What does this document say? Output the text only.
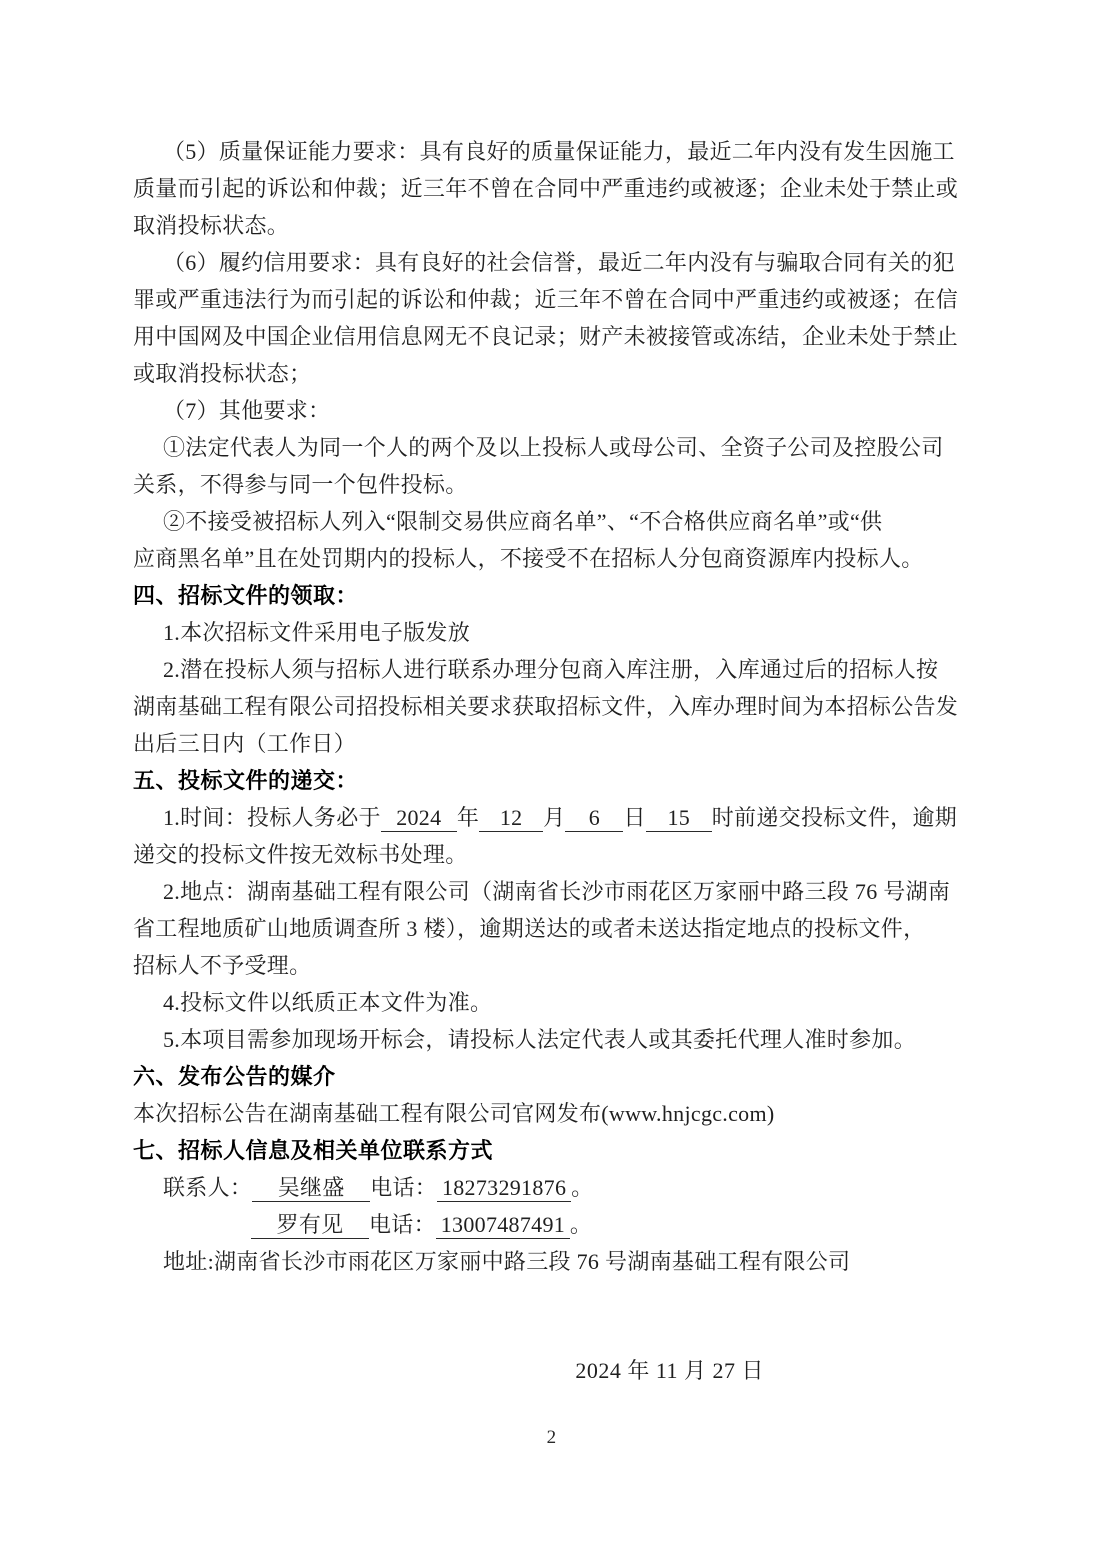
（5）质量保证能力要求：具有良好的质量保证能力，最近二年内没有发生因施工
质量而引起的诉讼和仲裁；近三年不曾在合同中严重违约或被逐；企业未处于禁止或
取消投标状态。
（6）履约信用要求：具有良好的社会信誉，最近二年内没有与骗取合同有关的犯
罪或严重违法行为而引起的诉讼和仲裁；近三年不曾在合同中严重违约或被逐；在信
用中国网及中国企业信用信息网无不良记录；财产未被接管或冻结，企业未处于禁止
或取消投标状态；
（7）其他要求：
①法定代表人为同一个人的两个及以上投标人或母公司、全资子公司及控股公司
关系，不得参与同一个包件投标。
②不接受被招标人列入“限制交易供应商名单”、“不合格供应商名单”或“供
应商黑名单”且在处罚期内的投标人，不接受不在招标人分包商资源库内投标人。
四、招标文件的领取：
1.本次招标文件采用电子版发放
2.潜在投标人须与招标人进行联系办理分包商入库注册，入库通过后的招标人按
湖南基础工程有限公司招投标相关要求获取招标文件，入库办理时间为本招标公告发
出后三日内（工作日）
五、投标文件的递交：
1.时间：投标人务必于 2024 年 12 月 6 日 15 时前递交投标文件，逾期
递交的投标文件按无效标书处理。
2.地点：湖南基础工程有限公司（湖南省长沙市雨花区万家丽中路三段 76 号湖南
省工程地质矿山地质调查所 3 楼），逾期送达的或者未送达指定地点的投标文件，
招标人不予受理。
4.投标文件以纸质正本文件为准。
5.本项目需参加现场开标会，请投标人法定代表人或其委托代理人准时参加。
六、发布公告的媒介
本次招标公告在湖南基础工程有限公司官网发布(www.hnjcgc.com)
七、招标人信息及相关单位联系方式
联系人： 吴继盛 电话： 18273291876 。
罗有见 电话： 13007487491 。
地址:湖南省长沙市雨花区万家丽中路三段 76 号湖南基础工程有限公司
2024 年 11 月 27 日
2
